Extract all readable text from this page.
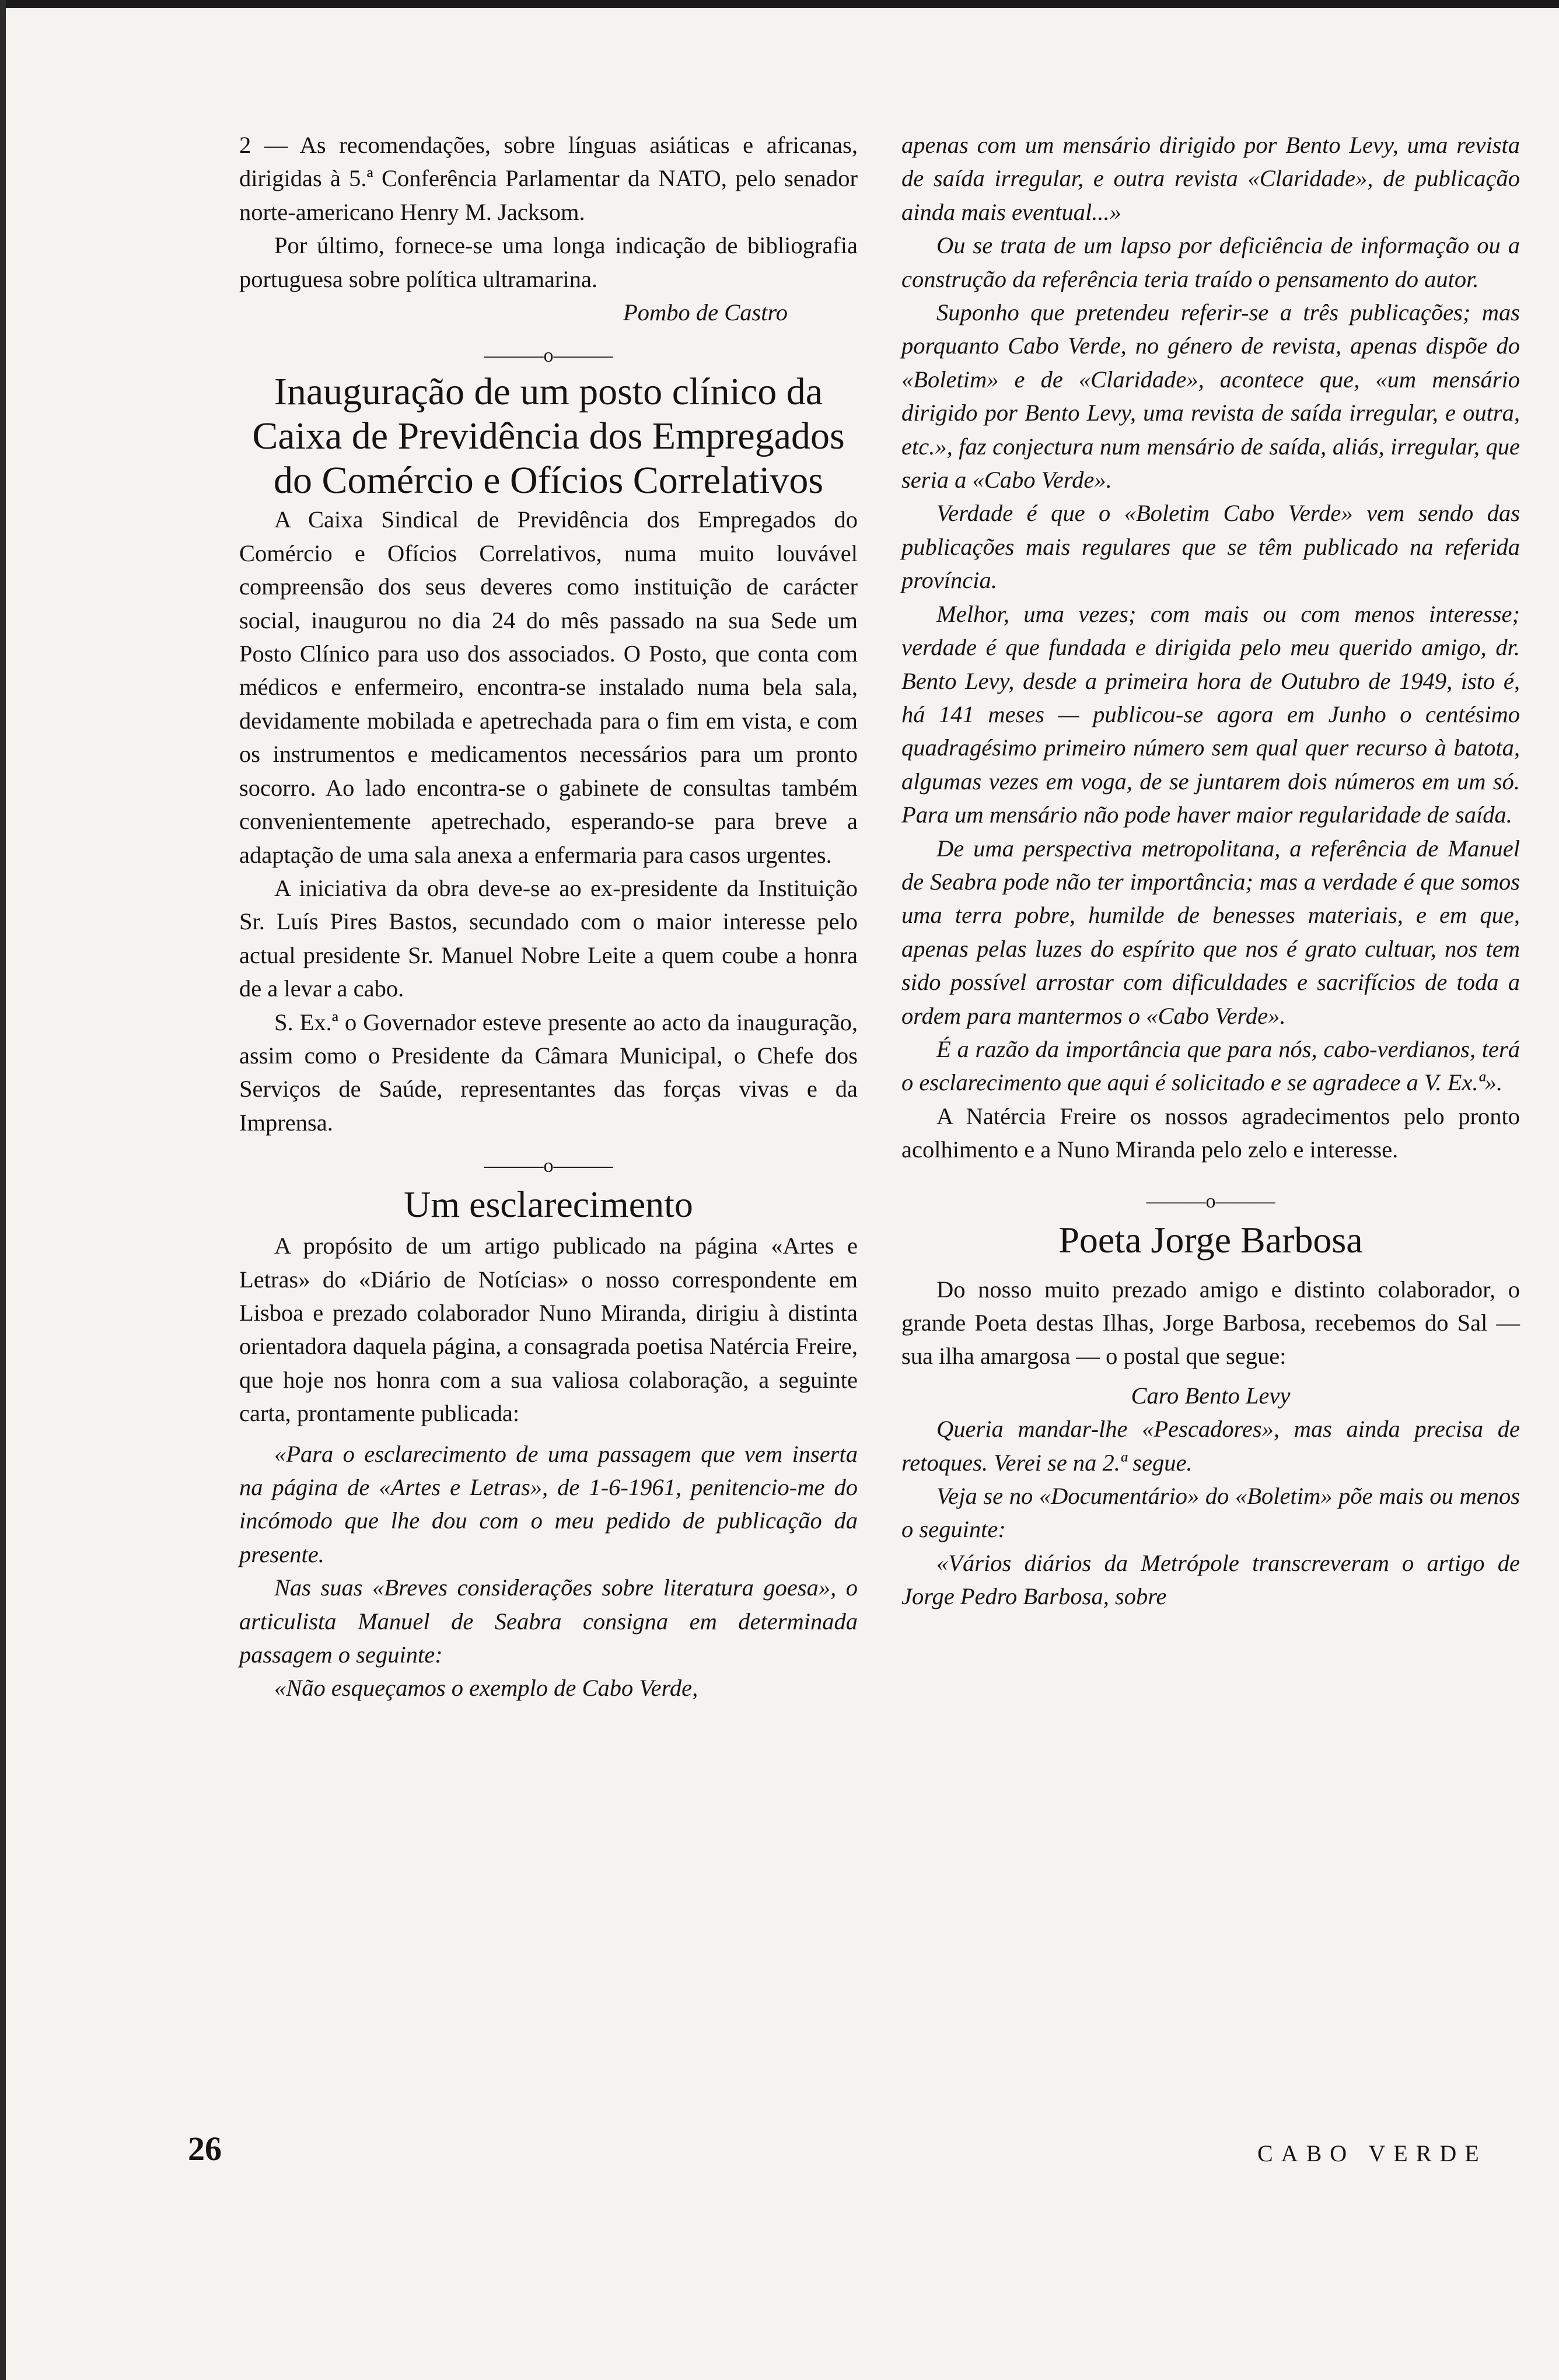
2 — As recomendações, sobre línguas asiáticas e africanas, dirigidas à 5.ª Conferência Parlamentar da NATO, pelo senador norte-americano Henry M. Jacksom.

Por último, fornece-se uma longa indicação de bibliografia portuguesa sobre política ultramarina.

Pombo de Castro

———o———
Inauguração de um posto clínico da Caixa de Previdência dos Empregados do Comércio e Ofícios Correlativos

A Caixa Sindical de Previdência dos Empregados do Comércio e Ofícios Correlativos, numa muito louvável compreensão dos seus deveres como instituição de carácter social, inaugurou no dia 24 do mês passado na sua Sede um Posto Clínico para uso dos associados. O Posto, que conta com médicos e enfermeiro, encontra-se instalado numa bela sala, devidamente mobilada e apetrechada para o fim em vista, e com os instrumentos e medicamentos necessários para um pronto socorro. Ao lado encontra-se o gabinete de consultas também convenientemente apetrechado, esperando-se para breve a adaptação de uma sala anexa a enfermaria para casos urgentes.

A iniciativa da obra deve-se ao ex-presidente da Instituição Sr. Luís Pires Bastos, secundado com o maior interesse pelo actual presidente Sr. Manuel Nobre Leite a quem coube a honra de a levar a cabo.

S. Ex.ª o Governador esteve presente ao acto da inauguração, assim como o Presidente da Câmara Municipal, o Chefe dos Serviços de Saúde, representantes das forças vivas e da Imprensa.

———o———
Um esclarecimento

A propósito de um artigo publicado na página «Artes e Letras» do «Diário de Notícias» o nosso correspondente em Lisboa e prezado colaborador Nuno Miranda, dirigiu à distinta orientadora daquela página, a consagrada poetisa Natércia Freire, que hoje nos honra com a sua valiosa colaboração, a seguinte carta, prontamente publicada:

«Para o esclarecimento de uma passagem que vem inserta na página de «Artes e Letras», de 1-6-1961, penitencio-me do incómodo que lhe dou com o meu pedido de publicação da presente.

Nas suas «Breves considerações sobre literatura goesa», o articulista Manuel de Seabra consigna em determinada passagem o seguinte:

«Não esqueçamos o exemplo de Cabo Verde,

apenas com um mensário dirigido por Bento Levy, uma revista de saída irregular, e outra revista «Claridade», de publicação ainda mais eventual...»

Ou se trata de um lapso por deficiência de informação ou a construção da referência teria traído o pensamento do autor.

Suponho que pretendeu referir-se a três publicações; mas porquanto Cabo Verde, no género de revista, apenas dispõe do «Boletim» e de «Claridade», acontece que, «um mensário dirigido por Bento Levy, uma revista de saída irregular, e outra, etc.», faz conjectura num mensário de saída, aliás, irregular, que seria a «Cabo Verde».

Verdade é que o «Boletim Cabo Verde» vem sendo das publicações mais regulares que se têm publicado na referida província.

Melhor, uma vezes; com mais ou com menos interesse; verdade é que fundada e dirigida pelo meu querido amigo, dr. Bento Levy, desde a primeira hora de Outubro de 1949, isto é, há 141 meses — publicou-se agora em Junho o centésimo quadragésimo primeiro número sem qual quer recurso à batota, algumas vezes em voga, de se juntarem dois números em um só. Para um mensário não pode haver maior regularidade de saída.

De uma perspectiva metropolitana, a referência de Manuel de Seabra pode não ter importância; mas a verdade é que somos uma terra pobre, humilde de benesses materiais, e em que, apenas pelas luzes do espírito que nos é grato cultuar, nos tem sido possível arrostar com dificuldades e sacrifícios de toda a ordem para mantermos o «Cabo Verde».

É a razão da importância que para nós, cabo-verdianos, terá o esclarecimento que aqui é solicitado e se agradece a V. Ex.ª».

A Natércia Freire os nossos agradecimentos pelo pronto acolhimento e a Nuno Miranda pelo zelo e interesse.

———o———
Poeta Jorge Barbosa

Do nosso muito prezado amigo e distinto colaborador, o grande Poeta destas Ilhas, Jorge Barbosa, recebemos do Sal — sua ilha amargosa — o postal que segue:

Caro Bento Levy

Queria mandar-lhe «Pescadores», mas ainda precisa de retoques. Verei se na 2.ª segue.

Veja se no «Documentário» do «Boletim» põe mais ou menos o seguinte:

«Vários diários da Metrópole transcreveram o artigo de Jorge Pedro Barbosa, sobre

26	CABO VERDE
